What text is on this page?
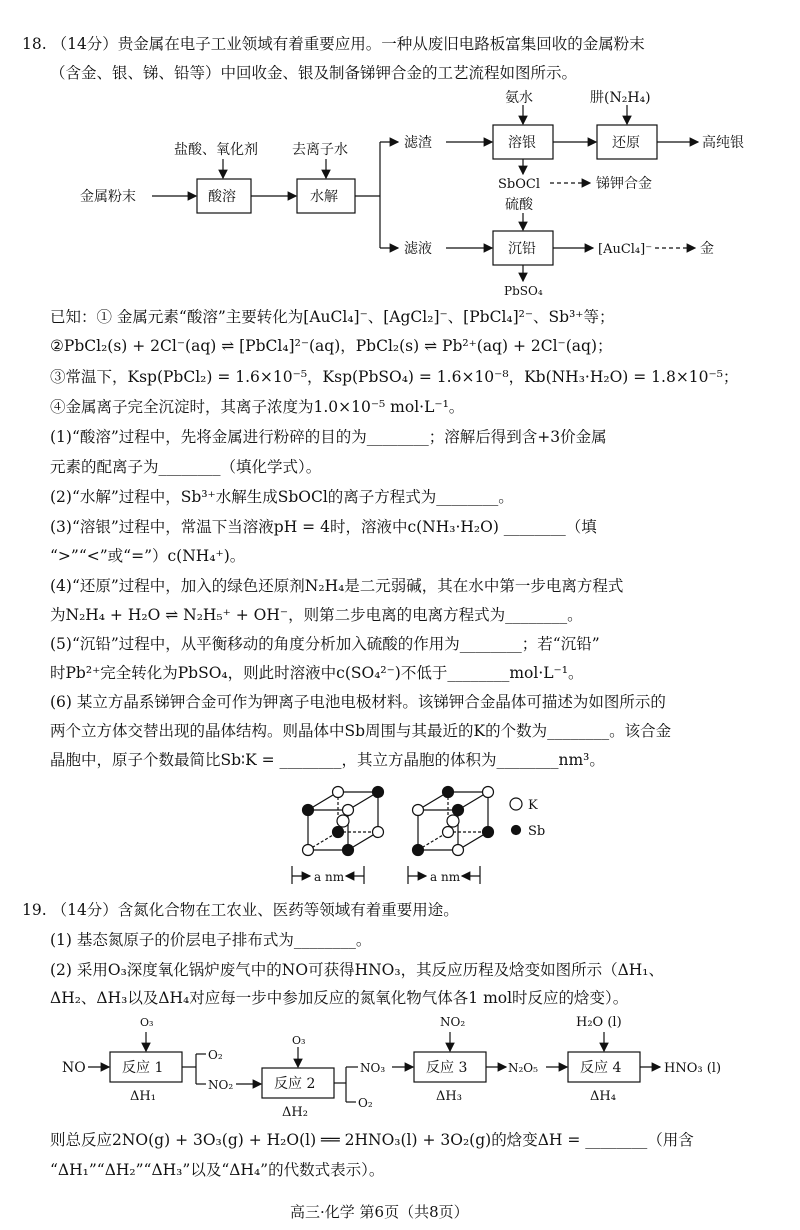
18. （14分）贵金属在电子工业领域有着重要应用。一种从废旧电路板富集回收的金属粉末
（含金、银、锑、铅等）中回收金、银及制备锑钾合金的工艺流程如图所示。
氨水	肼(N₂H₄)
盐酸、氧化剂 去离子水	滤渣	溶银	还原	高纯银
金属粉末	酸溶	水解
SbOCl	锑钾合金
硫酸
滤液	沉铅	[AuCl₄]⁻	金
PbSO₄
已知：① 金属元素“酸溶”主要转化为[AuCl₄]⁻、[AgCl₂]⁻、[PbCl₄]²⁻、Sb³⁺等；
②PbCl₂(s) + 2Cl⁻(aq) ⇌ [PbCl₄]²⁻(aq)，PbCl₂(s) ⇌ Pb²⁺(aq) + 2Cl⁻(aq)；
③常温下，Ksp(PbCl₂) = 1.6×10⁻⁵，Ksp(PbSO₄) = 1.6×10⁻⁸，Kb(NH₃·H₂O) = 1.8×10⁻⁵；
④金属离子完全沉淀时，其离子浓度为1.0×10⁻⁵ mol·L⁻¹。
(1)“酸溶”过程中，先将金属进行粉碎的目的为________；溶解后得到含+3价金属
元素的配离子为________（填化学式）。
(2)“水解”过程中，Sb³⁺水解生成SbOCl的离子方程式为________。
(3)“溶银”过程中，常温下当溶液pH = 4时，溶液中c(NH₃·H₂O) ________（填
“>”“<”或“=”）c(NH₄⁺)。
(4)“还原”过程中，加入的绿色还原剂N₂H₄是二元弱碱，其在水中第一步电离方程式
为N₂H₄ + H₂O ⇌ N₂H₅⁺ + OH⁻，则第二步电离的电离方程式为________。
(5)“沉铅”过程中，从平衡移动的角度分析加入硫酸的作用为________；若“沉铅”
时Pb²⁺完全转化为PbSO₄，则此时溶液中c(SO₄²⁻)不低于________mol·L⁻¹。
(6) 某立方晶系锑钾合金可作为钾离子电池电极材料。该锑钾合金晶体可描述为如图所示的
两个立方体交替出现的晶体结构。则晶体中Sb周围与其最近的K的个数为________。该合金
晶胞中，原子个数最简比Sb∶K = ________，其立方晶胞的体积为________nm³。
K
Sb
a nm	a nm
19. （14分）含氮化合物在工农业、医药等领域有着重要用途。
(1) 基态氮原子的价层电子排布式为________。
(2) 采用O₃深度氧化锅炉废气中的NO可获得HNO₃，其反应历程及焓变如图所示（ΔH₁、
ΔH₂、ΔH₃以及ΔH₄对应每一步中参加反应的氮氧化物气体各1 mol时反应的焓变）。
NO
O₃
反应 1
ΔH₁
O₂
NO₂
O₃
反应 2
ΔH₂
NO₃
O₂
NO₂
反应 3
ΔH₃
N₂O₅
H₂O (l)
反应 4
ΔH₄
HNO₃ (l)
则总反应2NO(g) + 3O₃(g) + H₂O(l) ══ 2HNO₃(l) + 3O₂(g)的焓变ΔH = ________（用含
“ΔH₁”“ΔH₂”“ΔH₃”以及“ΔH₄”的代数式表示）。
高三·化学 第6页（共8页）
